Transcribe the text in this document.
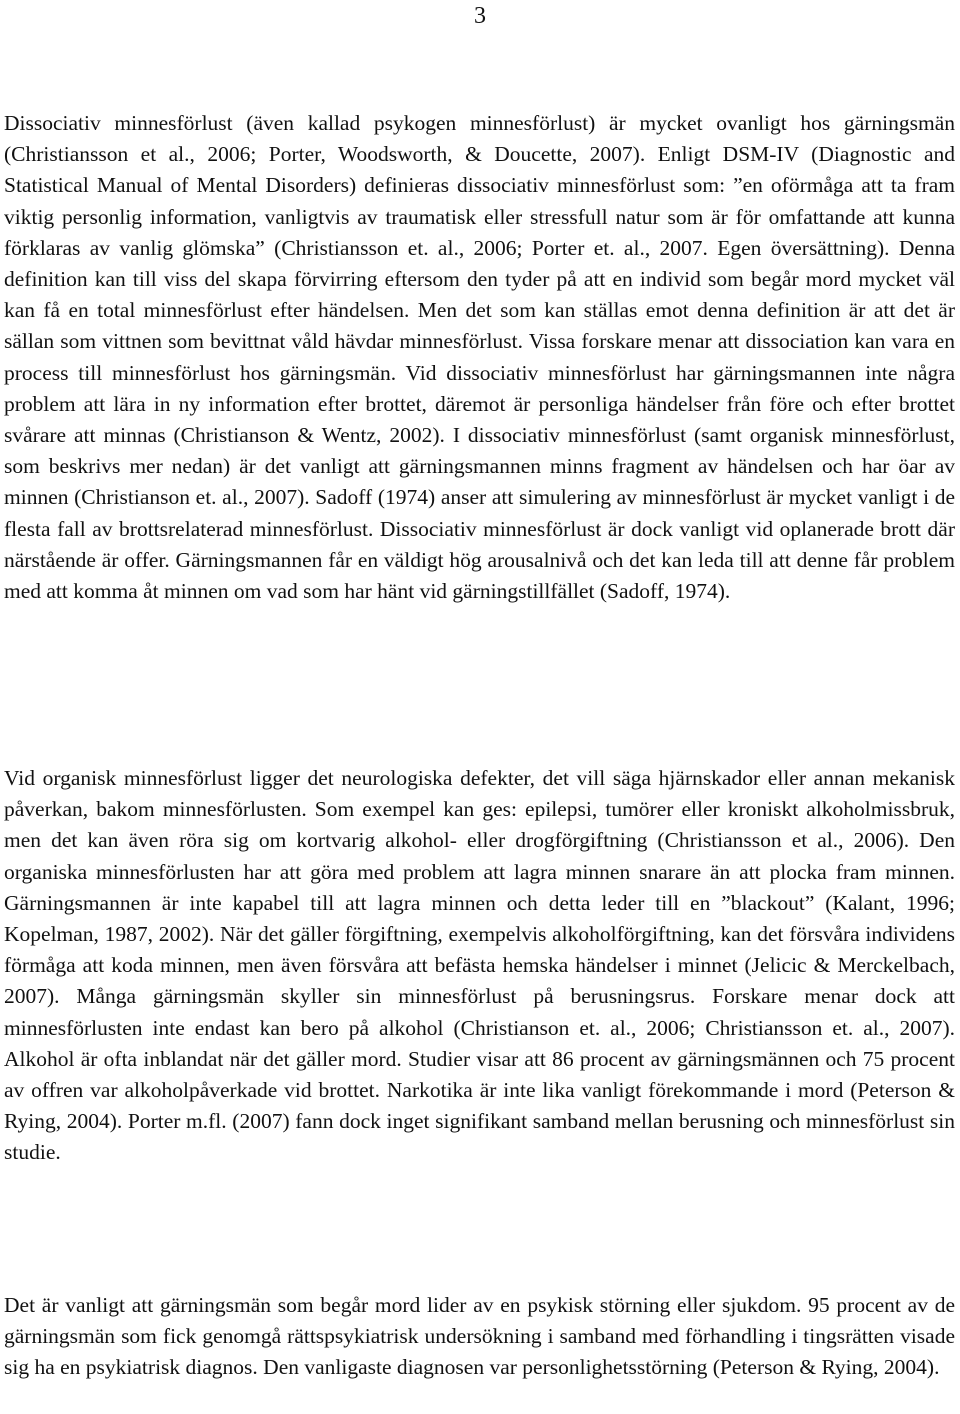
3

Dissociativ minnesförlust (även kallad psykogen minnesförlust) är mycket ovanligt hos gärningsmän (Christiansson et al., 2006; Porter, Woodsworth, & Doucette, 2007). Enligt DSM-IV (Diagnostic and Statistical Manual of Mental Disorders) definieras dissociativ minnesförlust som: ”en oförmåga att ta fram viktig personlig information, vanligtvis av traumatisk eller stressfull natur som är för omfattande att kunna förklaras av vanlig glömska” (Christiansson et. al., 2006; Porter et. al., 2007. Egen översättning). Denna definition kan till viss del skapa förvirring eftersom den tyder på att en individ som begår mord mycket väl kan få en total minnesförlust efter händelsen. Men det som kan ställas emot denna definition är att det är sällan som vittnen som bevittnat våld hävdar minnesförlust. Vissa forskare menar att dissociation kan vara en process till minnesförlust hos gärningsmän. Vid dissociativ minnesförlust har gärningsmannen inte några problem att lära in ny information efter brottet, däremot är personliga händelser från före och efter brottet svårare att minnas (Christianson & Wentz, 2002). I dissociativ minnesförlust (samt organisk minnesförlust, som beskrivs mer nedan) är det vanligt att gärningsmannen minns fragment av händelsen och har öar av minnen (Christianson et. al., 2007). Sadoff (1974) anser att simulering av minnesförlust är mycket vanligt i de flesta fall av brottsrelaterad minnesförlust. Dissociativ minnesförlust är dock vanligt vid oplanerade brott där närstående är offer. Gärningsmannen får en väldigt hög arousalnivå och det kan leda till att denne får problem med att komma åt minnen om vad som har hänt vid gärningstillfället (Sadoff, 1974).

Vid organisk minnesförlust ligger det neurologiska defekter, det vill säga hjärnskador eller annan mekanisk påverkan, bakom minnesförlusten. Som exempel kan ges: epilepsi, tumörer eller kroniskt alkoholmissbruk, men det kan även röra sig om kortvarig alkohol- eller drogförgiftning (Christiansson et al., 2006). Den organiska minnesförlusten har att göra med problem att lagra minnen snarare än att plocka fram minnen. Gärningsmannen är inte kapabel till att lagra minnen och detta leder till en ”blackout” (Kalant, 1996; Kopelman, 1987, 2002). När det gäller förgiftning, exempelvis alkoholförgiftning, kan det försvåra individens förmåga att koda minnen, men även försvåra att befästa hemska händelser i minnet (Jelicic & Merckelbach, 2007). Många gärningsmän skyller sin minnesförlust på berusningsrus. Forskare menar dock att minnesförlusten inte endast kan bero på alkohol (Christianson et. al., 2006; Christiansson et. al., 2007). Alkohol är ofta inblandat när det gäller mord. Studier visar att 86 procent av gärningsmännen och 75 procent av offren var alkoholpåverkade vid brottet. Narkotika är inte lika vanligt förekommande i mord (Peterson & Rying, 2004). Porter m.fl. (2007) fann dock inget signifikant samband mellan berusning och minnesförlust sin studie.

Det är vanligt att gärningsmän som begår mord lider av en psykisk störning eller sjukdom. 95 procent av de gärningsmän som fick genomgå rättspsykiatrisk undersökning i samband med förhandling i tingsrätten visade sig ha en psykiatrisk diagnos. Den vanligaste diagnosen var personlighetsstörning (Peterson & Rying, 2004).
